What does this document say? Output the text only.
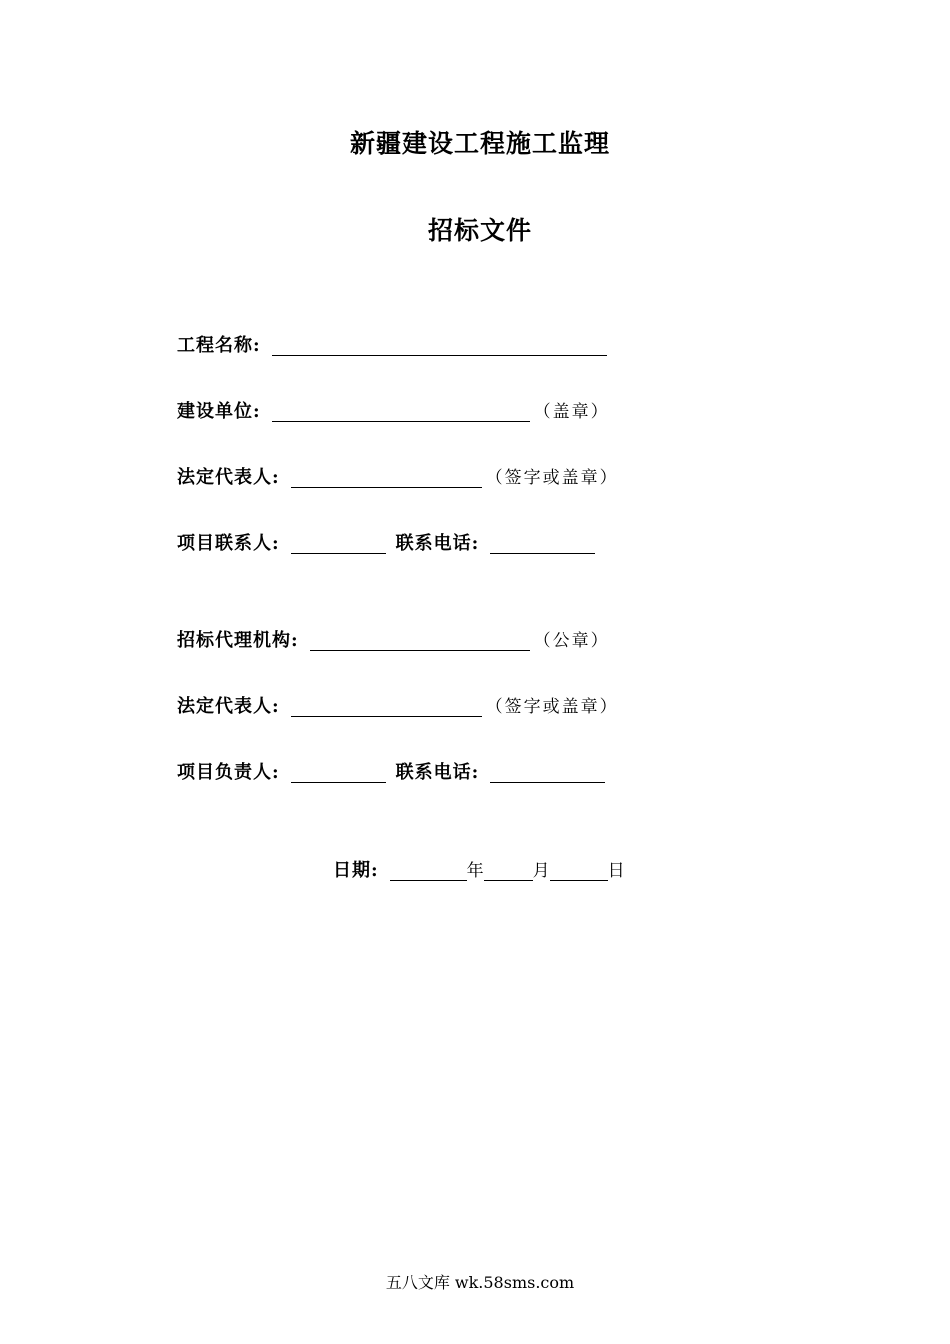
新疆建设工程施工监理
招标文件
工程名称 :
建设单位 :	（盖章）
法定代表人 :	（签字或盖章）
项目联系人 :	联系电话 :
招标代理机构 :	（公章）
法定代表人 :	（签字或盖章）
项目负责人 :	联系电话 :
日期 :	年	月	日
五八文库 wk.58sms.com
